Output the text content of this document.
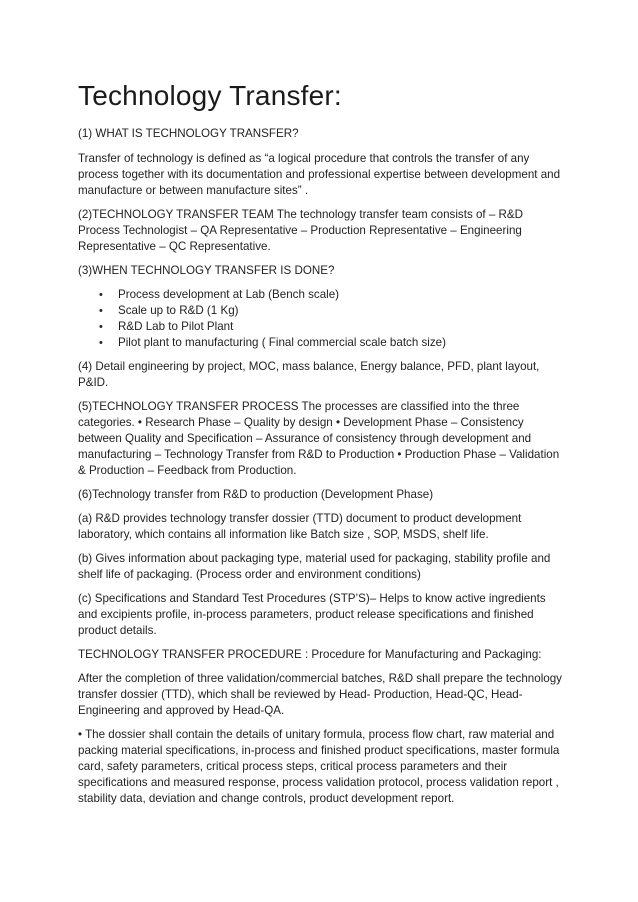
Technology Transfer:

(1) WHAT IS TECHNOLOGY TRANSFER?

Transfer of technology is defined as “a logical procedure that controls the transfer of any process together with its documentation and professional expertise between development and manufacture or between manufacture sites” .

(2)TECHNOLOGY TRANSFER TEAM The technology transfer team consists of – R&D Process Technologist – QA Representative – Production Representative – Engineering Representative – QC Representative.

(3)WHEN TECHNOLOGY TRANSFER IS DONE?

• Process development at Lab (Bench scale)
• Scale up to R&D (1 Kg)
• R&D Lab to Pilot Plant
• Pilot plant to manufacturing ( Final commercial scale batch size)

(4) Detail engineering by project, MOC, mass balance, Energy balance, PFD, plant layout, P&ID.

(5)TECHNOLOGY TRANSFER PROCESS The processes are classified into the three categories. • Research Phase – Quality by design • Development Phase – Consistency between Quality and Specification – Assurance of consistency through development and manufacturing – Technology Transfer from R&D to Production • Production Phase – Validation & Production – Feedback from Production.

(6)Technology transfer from R&D to production (Development Phase)

(a) R&D provides technology transfer dossier (TTD) document to product development laboratory, which contains all information like Batch size , SOP, MSDS, shelf life.

(b) Gives information about packaging type, material used for packaging, stability profile and shelf life of packaging. (Process order and environment conditions)

(c) Specifications and Standard Test Procedures (STP’S)– Helps to know active ingredients and excipients profile, in-process parameters, product release specifications and finished product details.

TECHNOLOGY TRANSFER PROCEDURE : Procedure for Manufacturing and Packaging:

After the completion of three validation/commercial batches, R&D shall prepare the technology transfer dossier (TTD), which shall be reviewed by Head- Production, Head-QC, Head-Engineering and approved by Head-QA.

• The dossier shall contain the details of unitary formula, process flow chart, raw material and packing material specifications, in-process and finished product specifications, master formula card, safety parameters, critical process steps, critical process parameters and their specifications and measured response, process validation protocol, process validation report , stability data, deviation and change controls, product development report.
